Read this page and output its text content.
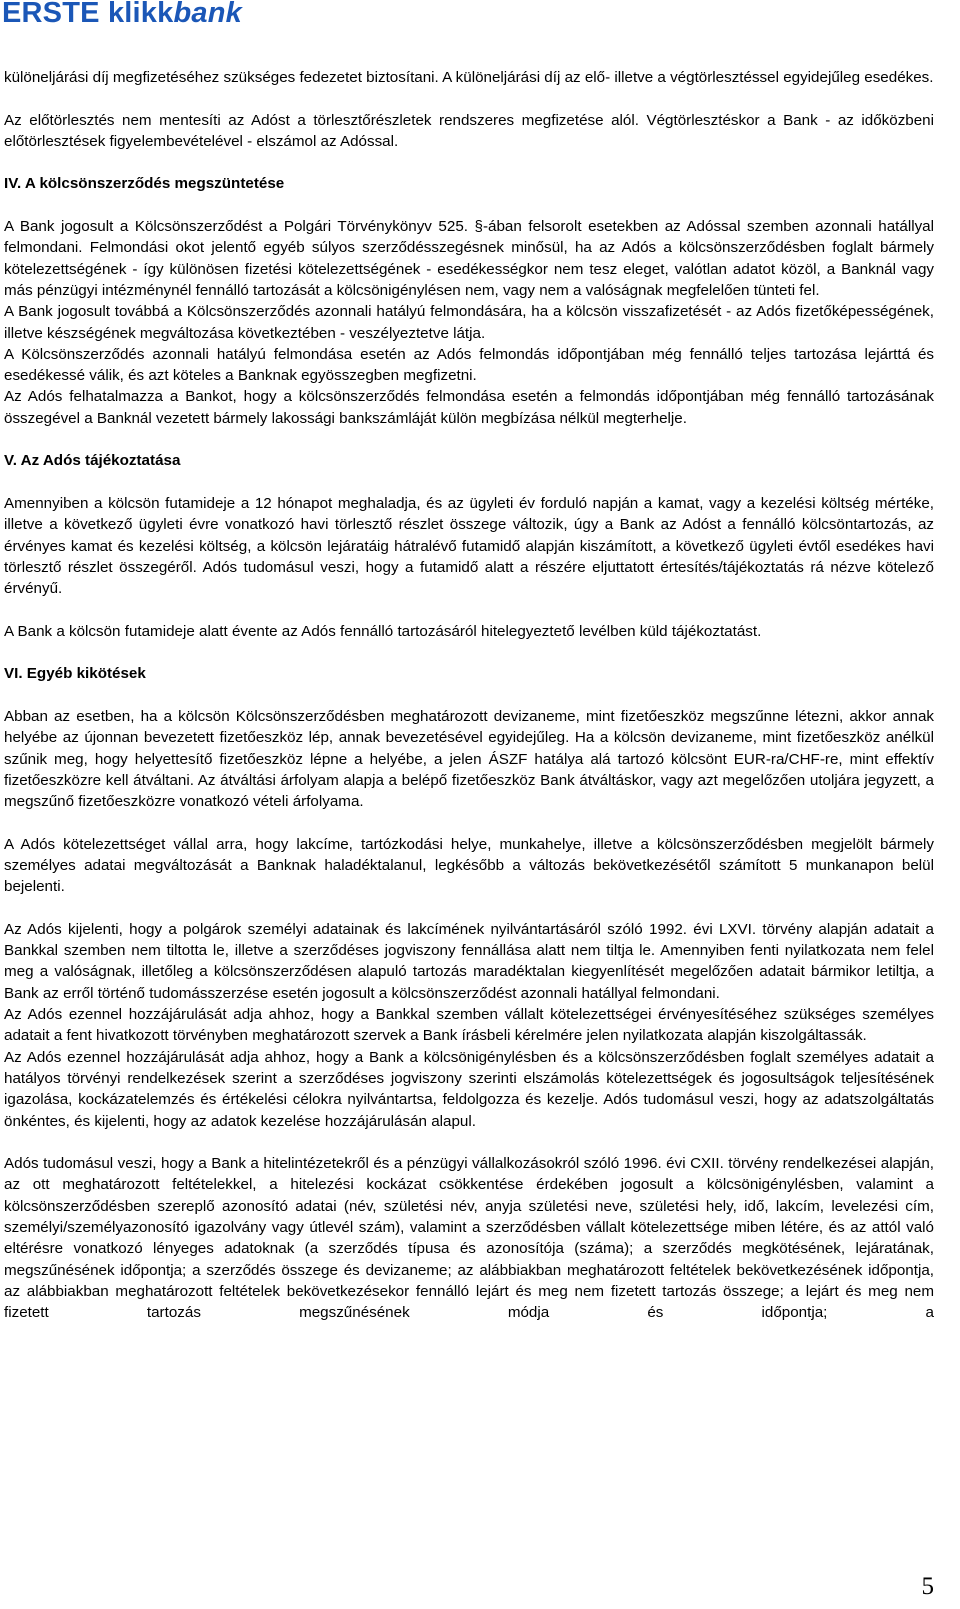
ERSTE klikkbank

különeljárási díj megfizetéséhez szükséges fedezetet biztosítani. A különeljárási díj az elő- illetve a végtörlesztéssel egyidejűleg esedékes.

Az előtörlesztés nem mentesíti az Adóst a törlesztőrészletek rendszeres megfizetése alól. Végtörlesztéskor a Bank - az időközbeni előtörlesztések figyelembevételével - elszámol az Adóssal.

IV. A kölcsönszerződés megszüntetése

A Bank jogosult a Kölcsönszerződést a Polgári Törvénykönyv 525. §-ában felsorolt esetekben az Adóssal szemben azonnali hatállyal felmondani. Felmondási okot jelentő egyéb súlyos szerződésszegésnek minősül, ha az Adós a kölcsönszerződésben foglalt bármely kötelezettségének - így különösen fizetési kötelezettségének - esedékességkor nem tesz eleget, valótlan adatot közöl, a Banknál vagy más pénzügyi intézménynél fennálló tartozását a kölcsönigénylésen nem, vagy nem a valóságnak megfelelően tünteti fel.

A Bank jogosult továbbá a Kölcsönszerződés azonnali hatályú felmondására, ha a kölcsön visszafizetését - az Adós fizetőképességének, illetve készségének megváltozása következtében - veszélyeztetve látja.

A Kölcsönszerződés azonnali hatályú felmondása esetén az Adós felmondás időpontjában még fennálló teljes tartozása lejárttá és esedékessé válik, és azt köteles a Banknak egyösszegben megfizetni.

Az Adós felhatalmazza a Bankot, hogy a kölcsönszerződés felmondása esetén a felmondás időpontjában még fennálló tartozásának összegével a Banknál vezetett bármely lakossági bankszámláját külön megbízása nélkül megterhelje.

V. Az Adós tájékoztatása

Amennyiben a kölcsön futamideje a 12 hónapot meghaladja, és az ügyleti év forduló napján a kamat, vagy a kezelési költség mértéke, illetve a következő ügyleti évre vonatkozó havi törlesztő részlet összege változik, úgy a Bank az Adóst a fennálló kölcsöntartozás, az érvényes kamat és kezelési költség, a kölcsön lejáratáig hátralévő futamidő alapján kiszámított, a következő ügyleti évtől esedékes havi törlesztő részlet összegéről. Adós tudomásul veszi, hogy a futamidő alatt a részére eljuttatott értesítés/tájékoztatás rá nézve kötelező érvényű.

A Bank a kölcsön futamideje alatt évente az Adós fennálló tartozásáról hitelegyeztető levélben küld tájékoztatást.

VI. Egyéb kikötések

Abban az esetben, ha a kölcsön Kölcsönszerződésben meghatározott devizaneme, mint fizetőeszköz megszűnne létezni, akkor annak helyébe az újonnan bevezetett fizetőeszköz lép, annak bevezetésével egyidejűleg. Ha a kölcsön devizaneme, mint fizetőeszköz anélkül szűnik meg, hogy helyettesítő fizetőeszköz lépne a helyébe, a jelen ÁSZF hatálya alá tartozó kölcsönt EUR-ra/CHF-re, mint effektív fizetőeszközre kell átváltani. Az átváltási árfolyam alapja a belépő fizetőeszköz Bank átváltáskor, vagy azt megelőzően utoljára jegyzett, a megszűnő fizetőeszközre vonatkozó vételi árfolyama.

A Adós kötelezettséget vállal arra, hogy lakcíme, tartózkodási helye, munkahelye, illetve a kölcsönszerződésben megjelölt bármely személyes adatai megváltozását a Banknak haladéktalanul, legkésőbb a változás bekövetkezésétől számított 5 munkanapon belül bejelenti.

Az Adós kijelenti, hogy a polgárok személyi adatainak és lakcímének nyilvántartásáról szóló 1992. évi LXVI. törvény alapján adatait a Bankkal szemben nem tiltotta le, illetve a szerződéses jogviszony fennállása alatt nem tiltja le. Amennyiben fenti nyilatkozata nem felel meg a valóságnak, illetőleg a kölcsönszerződésen alapuló tartozás maradéktalan kiegyenlítését megelőzően adatait bármikor letiltja, a Bank az erről történő tudomásszerzése esetén jogosult a kölcsönszerződést azonnali hatállyal felmondani.

Az Adós ezennel hozzájárulását adja ahhoz, hogy a Bankkal szemben vállalt kötelezettségei érvényesítéséhez szükséges személyes adatait a fent hivatkozott törvényben meghatározott szervek a Bank írásbeli kérelmére jelen nyilatkozata alapján kiszolgáltassák.

Az Adós ezennel hozzájárulását adja ahhoz, hogy a Bank a kölcsönigénylésben és a kölcsönszerződésben foglalt személyes adatait a hatályos törvényi rendelkezések szerint a szerződéses jogviszony szerinti elszámolás kötelezettségek és jogosultságok teljesítésének igazolása, kockázatelemzés és értékelési célokra nyilvántartsa, feldolgozza és kezelje. Adós tudomásul veszi, hogy az adatszolgáltatás önkéntes, és kijelenti, hogy az adatok kezelése hozzájárulásán alapul.

Adós tudomásul veszi, hogy a Bank a hitelintézetekről és a pénzügyi vállalkozásokról szóló 1996. évi CXII. törvény rendelkezései alapján, az ott meghatározott feltételekkel, a hitelezési kockázat csökkentése érdekében jogosult a kölcsönigénylésben, valamint a kölcsönszerződésben szereplő azonosító adatai (név, születési név, anyja születési neve, születési hely, idő, lakcím, levelezési cím, személyi/személyazonosító igazolvány vagy útlevél szám), valamint a szerződésben vállalt kötelezettsége miben létére, és az attól való eltérésre vonatkozó lényeges adatoknak (a szerződés típusa és azonosítója (száma); a szerződés megkötésének, lejáratának, megszűnésének időpontja; a szerződés összege és devizaneme; az alábbiakban meghatározott feltételek bekövetkezésének időpontja, az alábbiakban meghatározott feltételek bekövetkezésekor fennálló lejárt és meg nem fizetett tartozás összege; a lejárt és meg nem fizetett tartozás megszűnésének módja és időpontja; a

5
